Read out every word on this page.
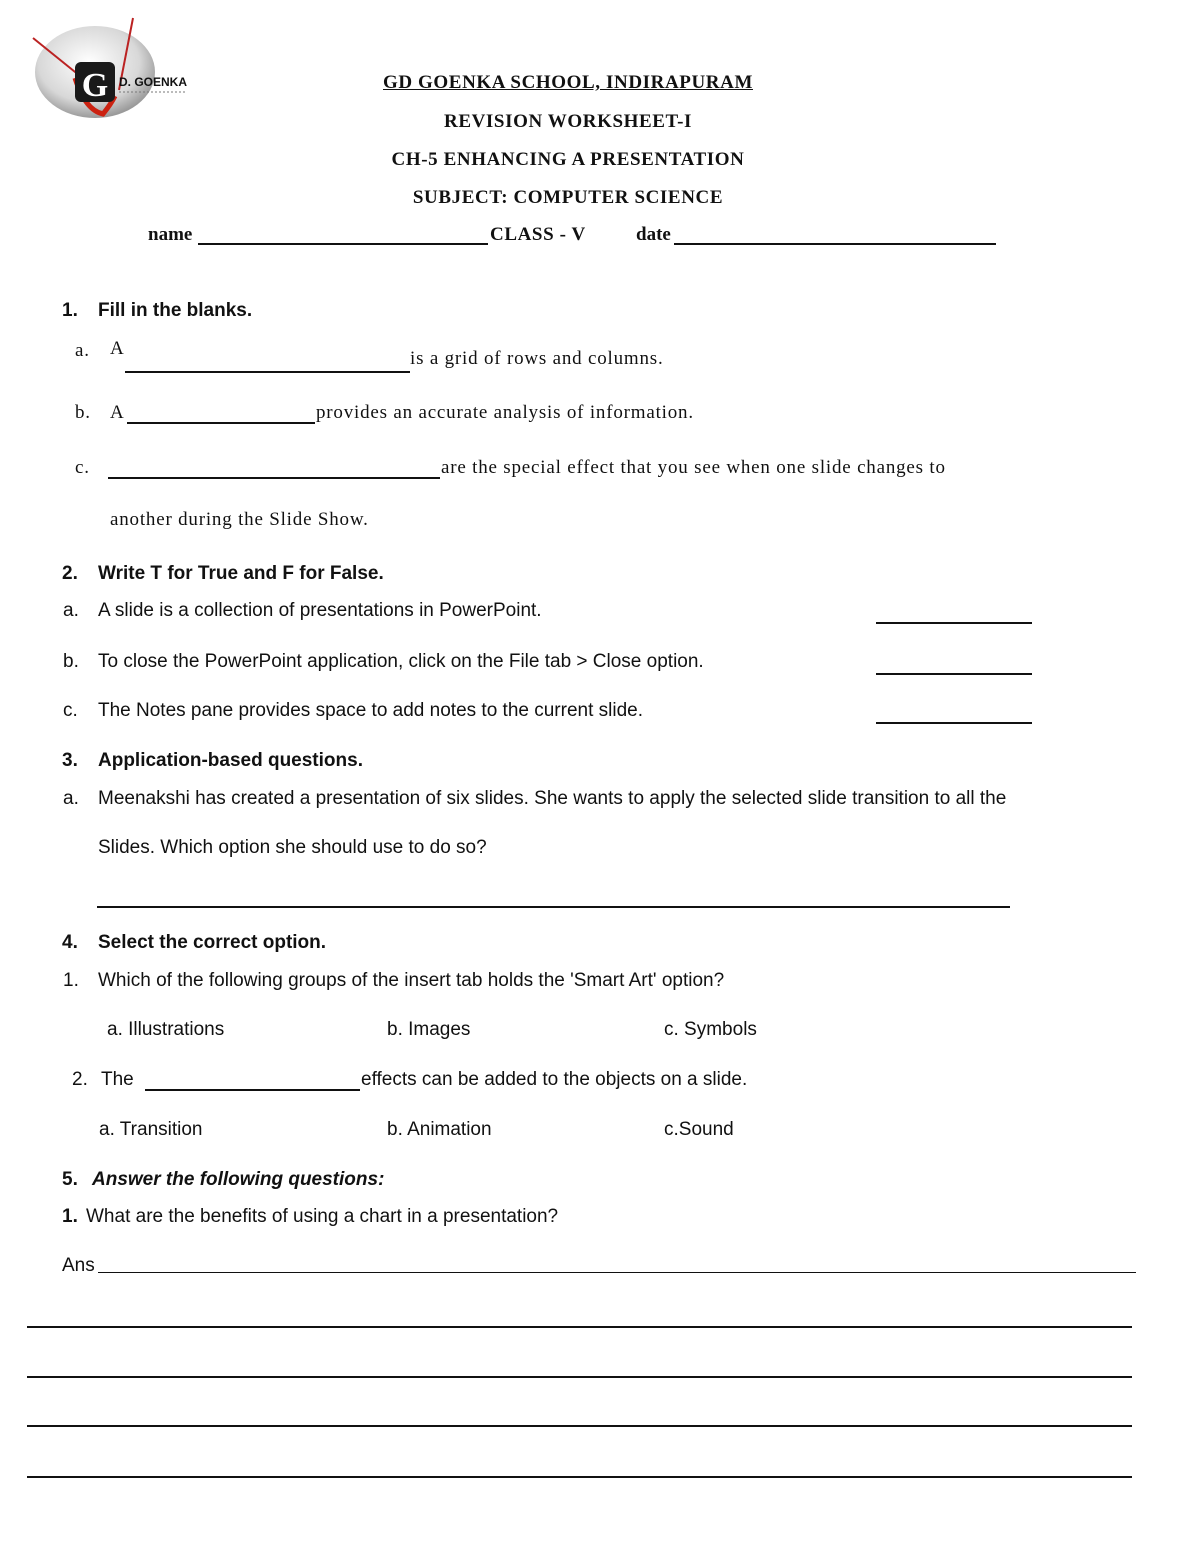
G D. GOENKA	GD GOENKA SCHOOL, INDIRAPURAM
REVISION WORKSHEET-I
CH-5 ENHANCING A PRESENTATION
SUBJECT: COMPUTER SCIENCE
name	CLASS - V	date
1. Fill in the blanks.
a. A	is a grid of rows and columns.
b. A	provides an accurate analysis of information.
c.	are the special effect that you see when one slide changes to
another during the Slide Show.
2. Write T for True and F for False.
a. A slide is a collection of presentations in PowerPoint.
b. To close the PowerPoint application, click on the File tab > Close option.
c. The Notes pane provides space to add notes to the current slide.
3. Application-based questions.
a. Meenakshi has created a presentation of six slides. She wants to apply the selected slide transition to all the
Slides. Which option she should use to do so?
4. Select the correct option.
1. Which of the following groups of the insert tab holds the 'Smart Art' option?
a. Illustrations	b. Images	c. Symbols
2. The	effects can be added to the objects on a slide.
a. Transition	b. Animation	c.Sound
5. Answer the following questions:
1. What are the benefits of using a chart in a presentation?
Ans
